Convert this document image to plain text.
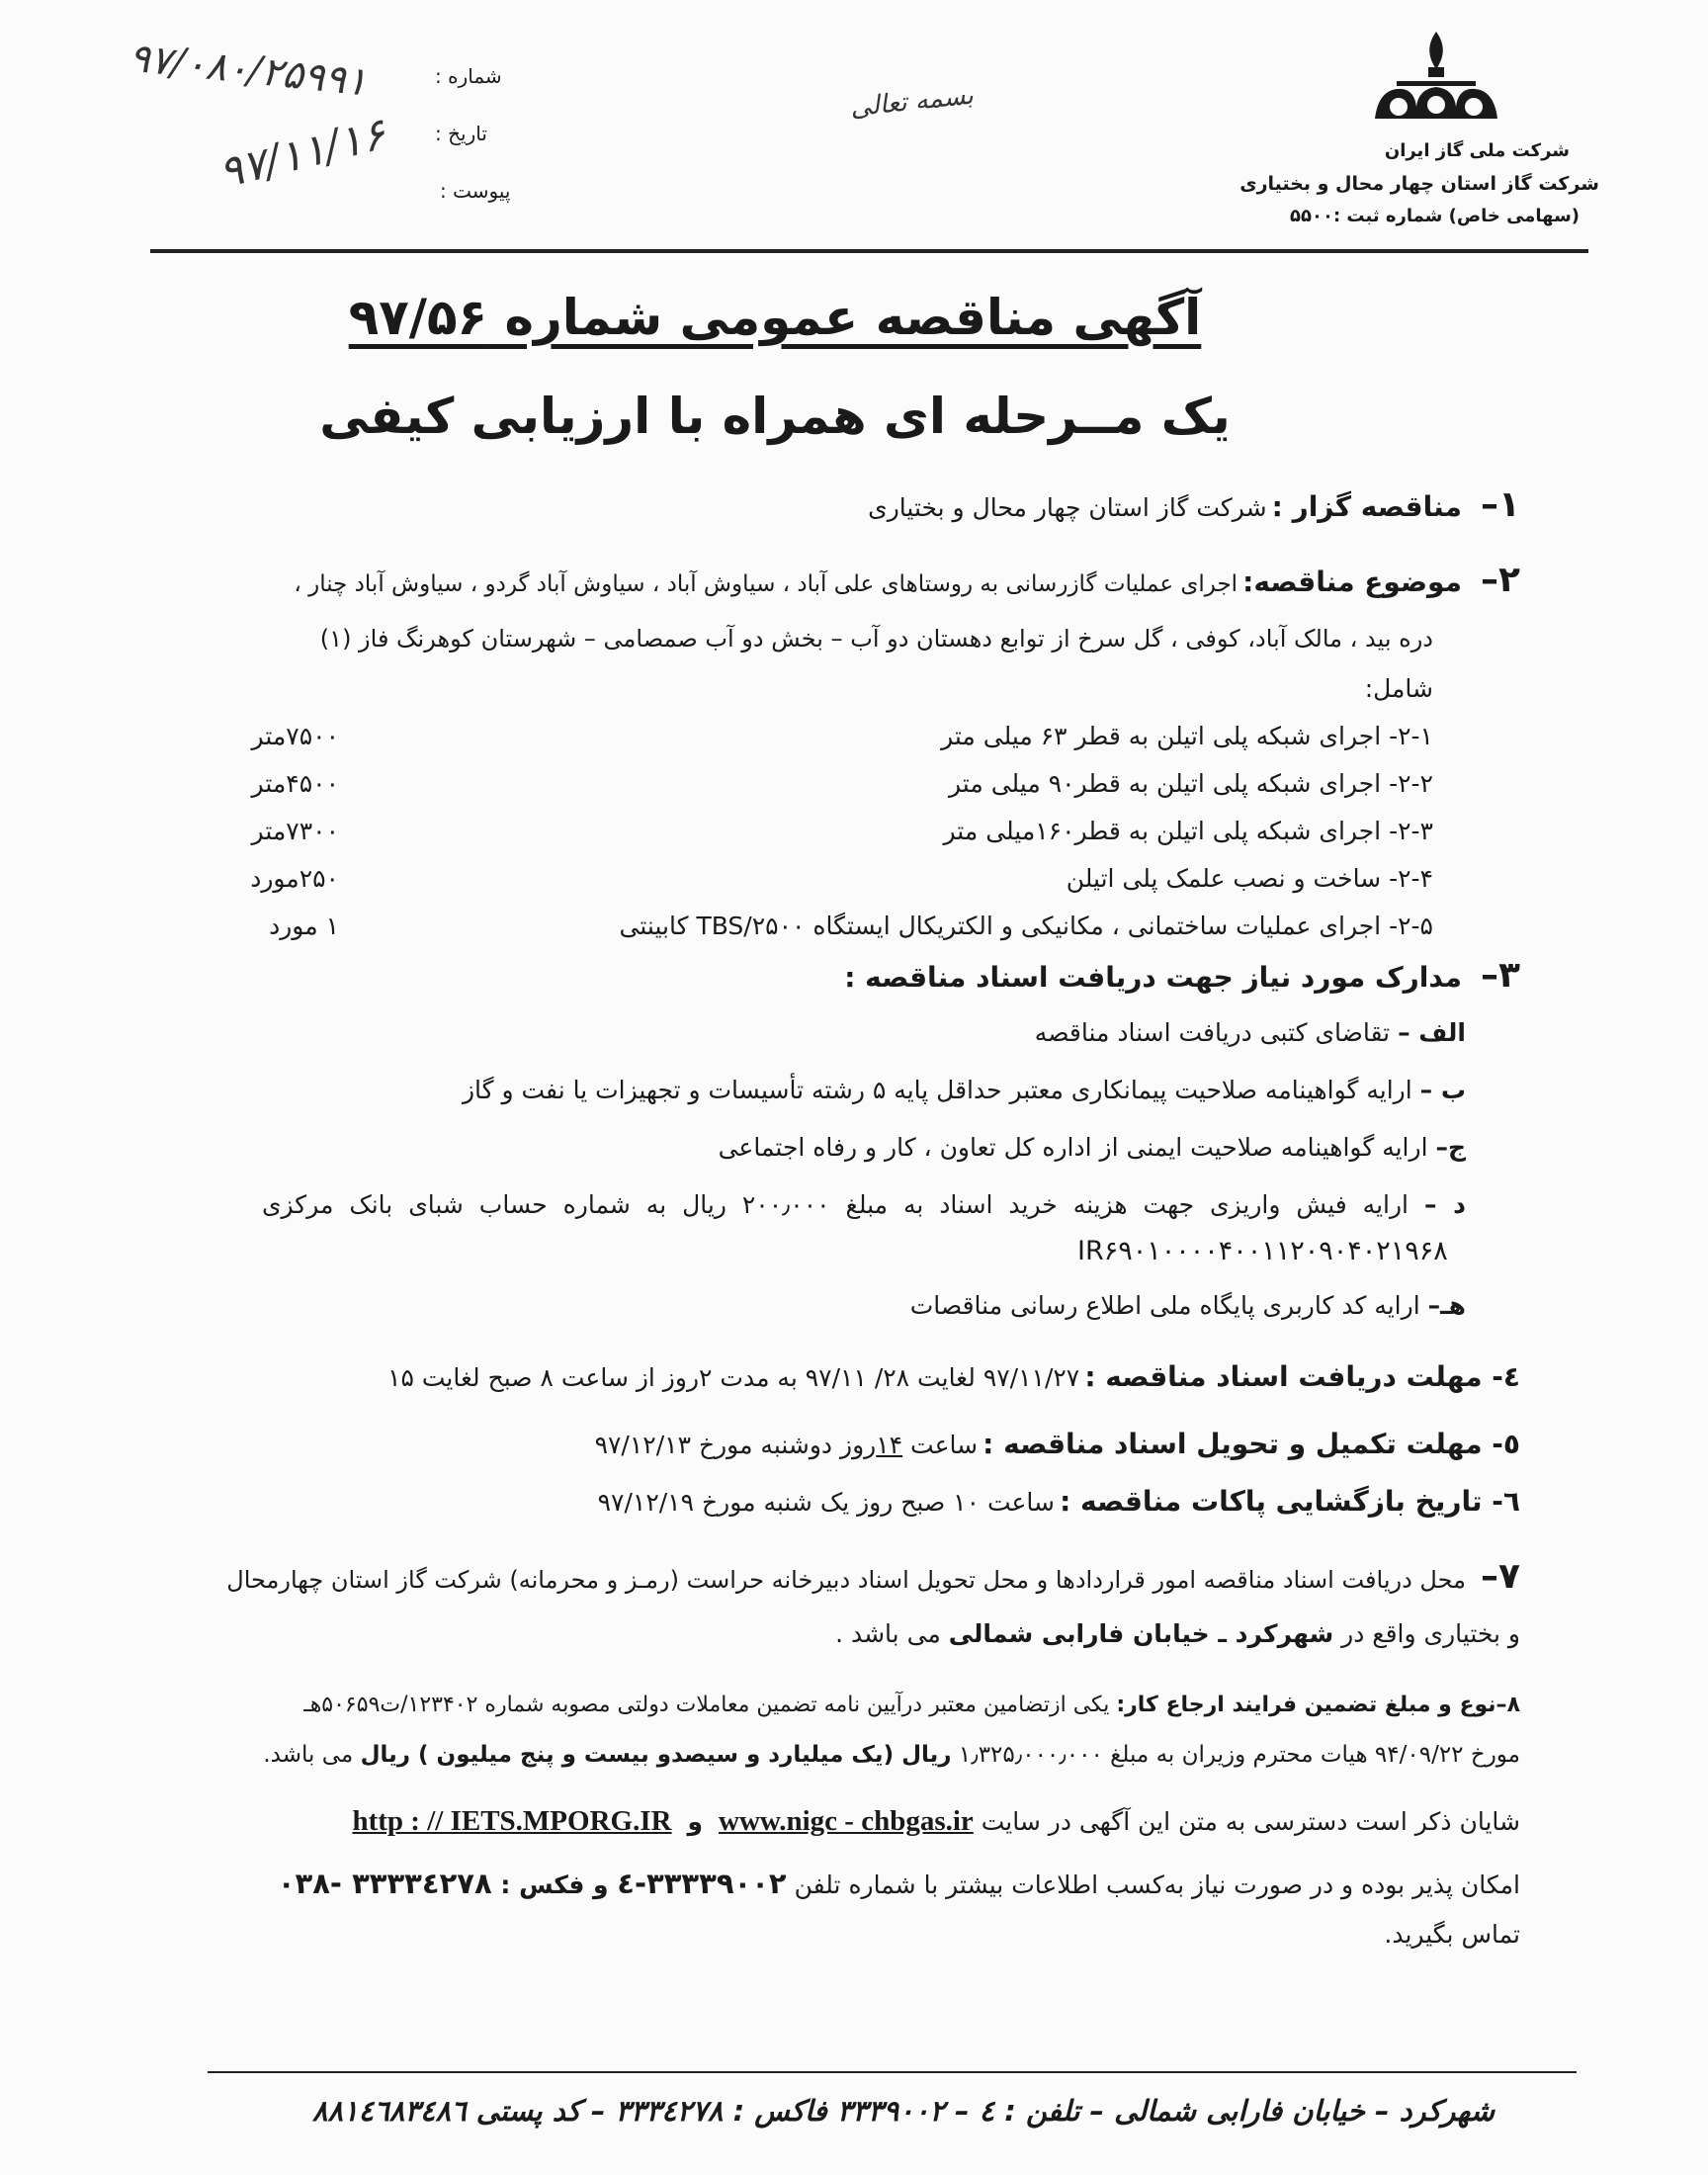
شرکت ملی گاز ایران
شرکت گاز استان چهار محال و بختیاری
(سهامی خاص) شماره ثبت :۵۵۰۰
بسمه تعالی
شماره :
۹۷/۰۸۰/۲۵۹۹۱
تاریخ :
۹۷/۱۱/۱۶ پیوست :
آگهی مناقصه عمومی شماره ۹۷/۵۶
یک مــرحله ای همراه با ارزیابی کیفی
۱– مناقصه گزار : شرکت گاز استان چهار محال و بختیاری
۲– موضوع مناقصه: اجرای عملیات گازرسانی به روستاهای علی آباد ، سیاوش آباد ، سیاوش آباد گردو ، سیاوش آباد چنار ،
دره بید ، مالک آباد، کوفی ، گل سرخ از توابع دهستان دو آب – بخش دو آب صمصامی – شهرستان کوهرنگ فاز (۱)
شامل:
۲-۱- اجرای شبکه پلی اتیلن به قطر ۶۳ میلی متر
۷۵۰۰متر
۲-۲- اجرای شبکه پلی اتیلن به قطر۹۰ میلی متر
۴۵۰۰متر
۲-۳- اجرای شبکه پلی اتیلن به قطر۱۶۰میلی متر
۷۳۰۰متر
۲-۴- ساخت و نصب علمک پلی اتیلن
۲۵۰مورد
۲-۵- اجرای عملیات ساختمانی ، مکانیکی و الکتریکال ایستگاه TBS/۲۵۰۰ کابینتی
۱ مورد
۳– مدارک مورد نیاز جهت دریافت اسناد مناقصه :
الف – تقاضای کتبی دریافت اسناد مناقصه
ب – ارایه گواهینامه صلاحیت پیمانکاری معتبر حداقل پایه ۵ رشته تأسیسات و تجهیزات یا نفت و گاز
ج– ارایه گواهینامه صلاحیت ایمنی از اداره کل تعاون ، کار و رفاه اجتماعی
د – ارایه فیش واریزی جهت هزینه خرید اسناد به مبلغ ۲۰۰٫۰۰۰ ریال به شماره حساب شبای بانک مرکزی
IR۶۹۰۱۰۰۰۰۴۰۰۱۱۲۰۹۰۴۰۲۱۹۶۸
هـ– ارایه کد کاربری پایگاه ملی اطلاع رسانی مناقصات
٤- مهلت دریافت اسناد مناقصه : ۹۷/۱۱/۲۷ لغایت ۲۸/ ۹۷/۱۱ به مدت ۲روز از ساعت ۸ صبح لغایت ۱۵
٥- مهلت تکمیل و تحویل اسناد مناقصه : ساعت ۱۴روز دوشنبه مورخ ۹۷/۱۲/۱۳
٦- تاریخ بازگشایی پاکات مناقصه : ساعت ۱۰ صبح روز یک شنبه مورخ ۹۷/۱۲/۱۹
۷– محل دریافت اسناد مناقصه امور قراردادها و محل تحویل اسناد دبیرخانه حراست (رمـز و محرمانه) شرکت گاز استان چهارمحال
و بختیاری واقع در شهرکرد ـ خیابان فارابی شمالی می باشد .
۸–نوع و مبلغ تضمین فرایند ارجاع کار: یکی ازتضامین معتبر درآیین نامه تضمین معاملات دولتی مصوبه شماره ۱۲۳۴۰۲/ت۵۰۶۵۹هـ
مورخ ۹۴/۰۹/۲۲ هیات محترم وزیران به مبلغ ۱٫۳۲۵٫۰۰۰٫۰۰۰ ریال (یک میلیارد و سیصدو بیست و پنج میلیون ) ریال می باشد.
شایان ذکر است دسترسی به متن این آگهی در سایت www.nigc - chbgas.ir و http : // IETS.MPORG.IR
امکان پذیر بوده و در صورت نیاز به‌کسب اطلاعات بیشتر با شماره تلفن ۳۳۳۳۹۰۰۲-٤ و فکس : ۳۳۳۳٤۲۷۸ -۰۳۸
تماس بگیرید.
شهرکرد – خیابان فارابی شمالی – تلفن : ٤ – ۳۳۳۹۰۰۲ فاکس : ۳۳۳٤۲۷۸ – کد پستی ۸۸۱٤٦۸۳٤۸٦
